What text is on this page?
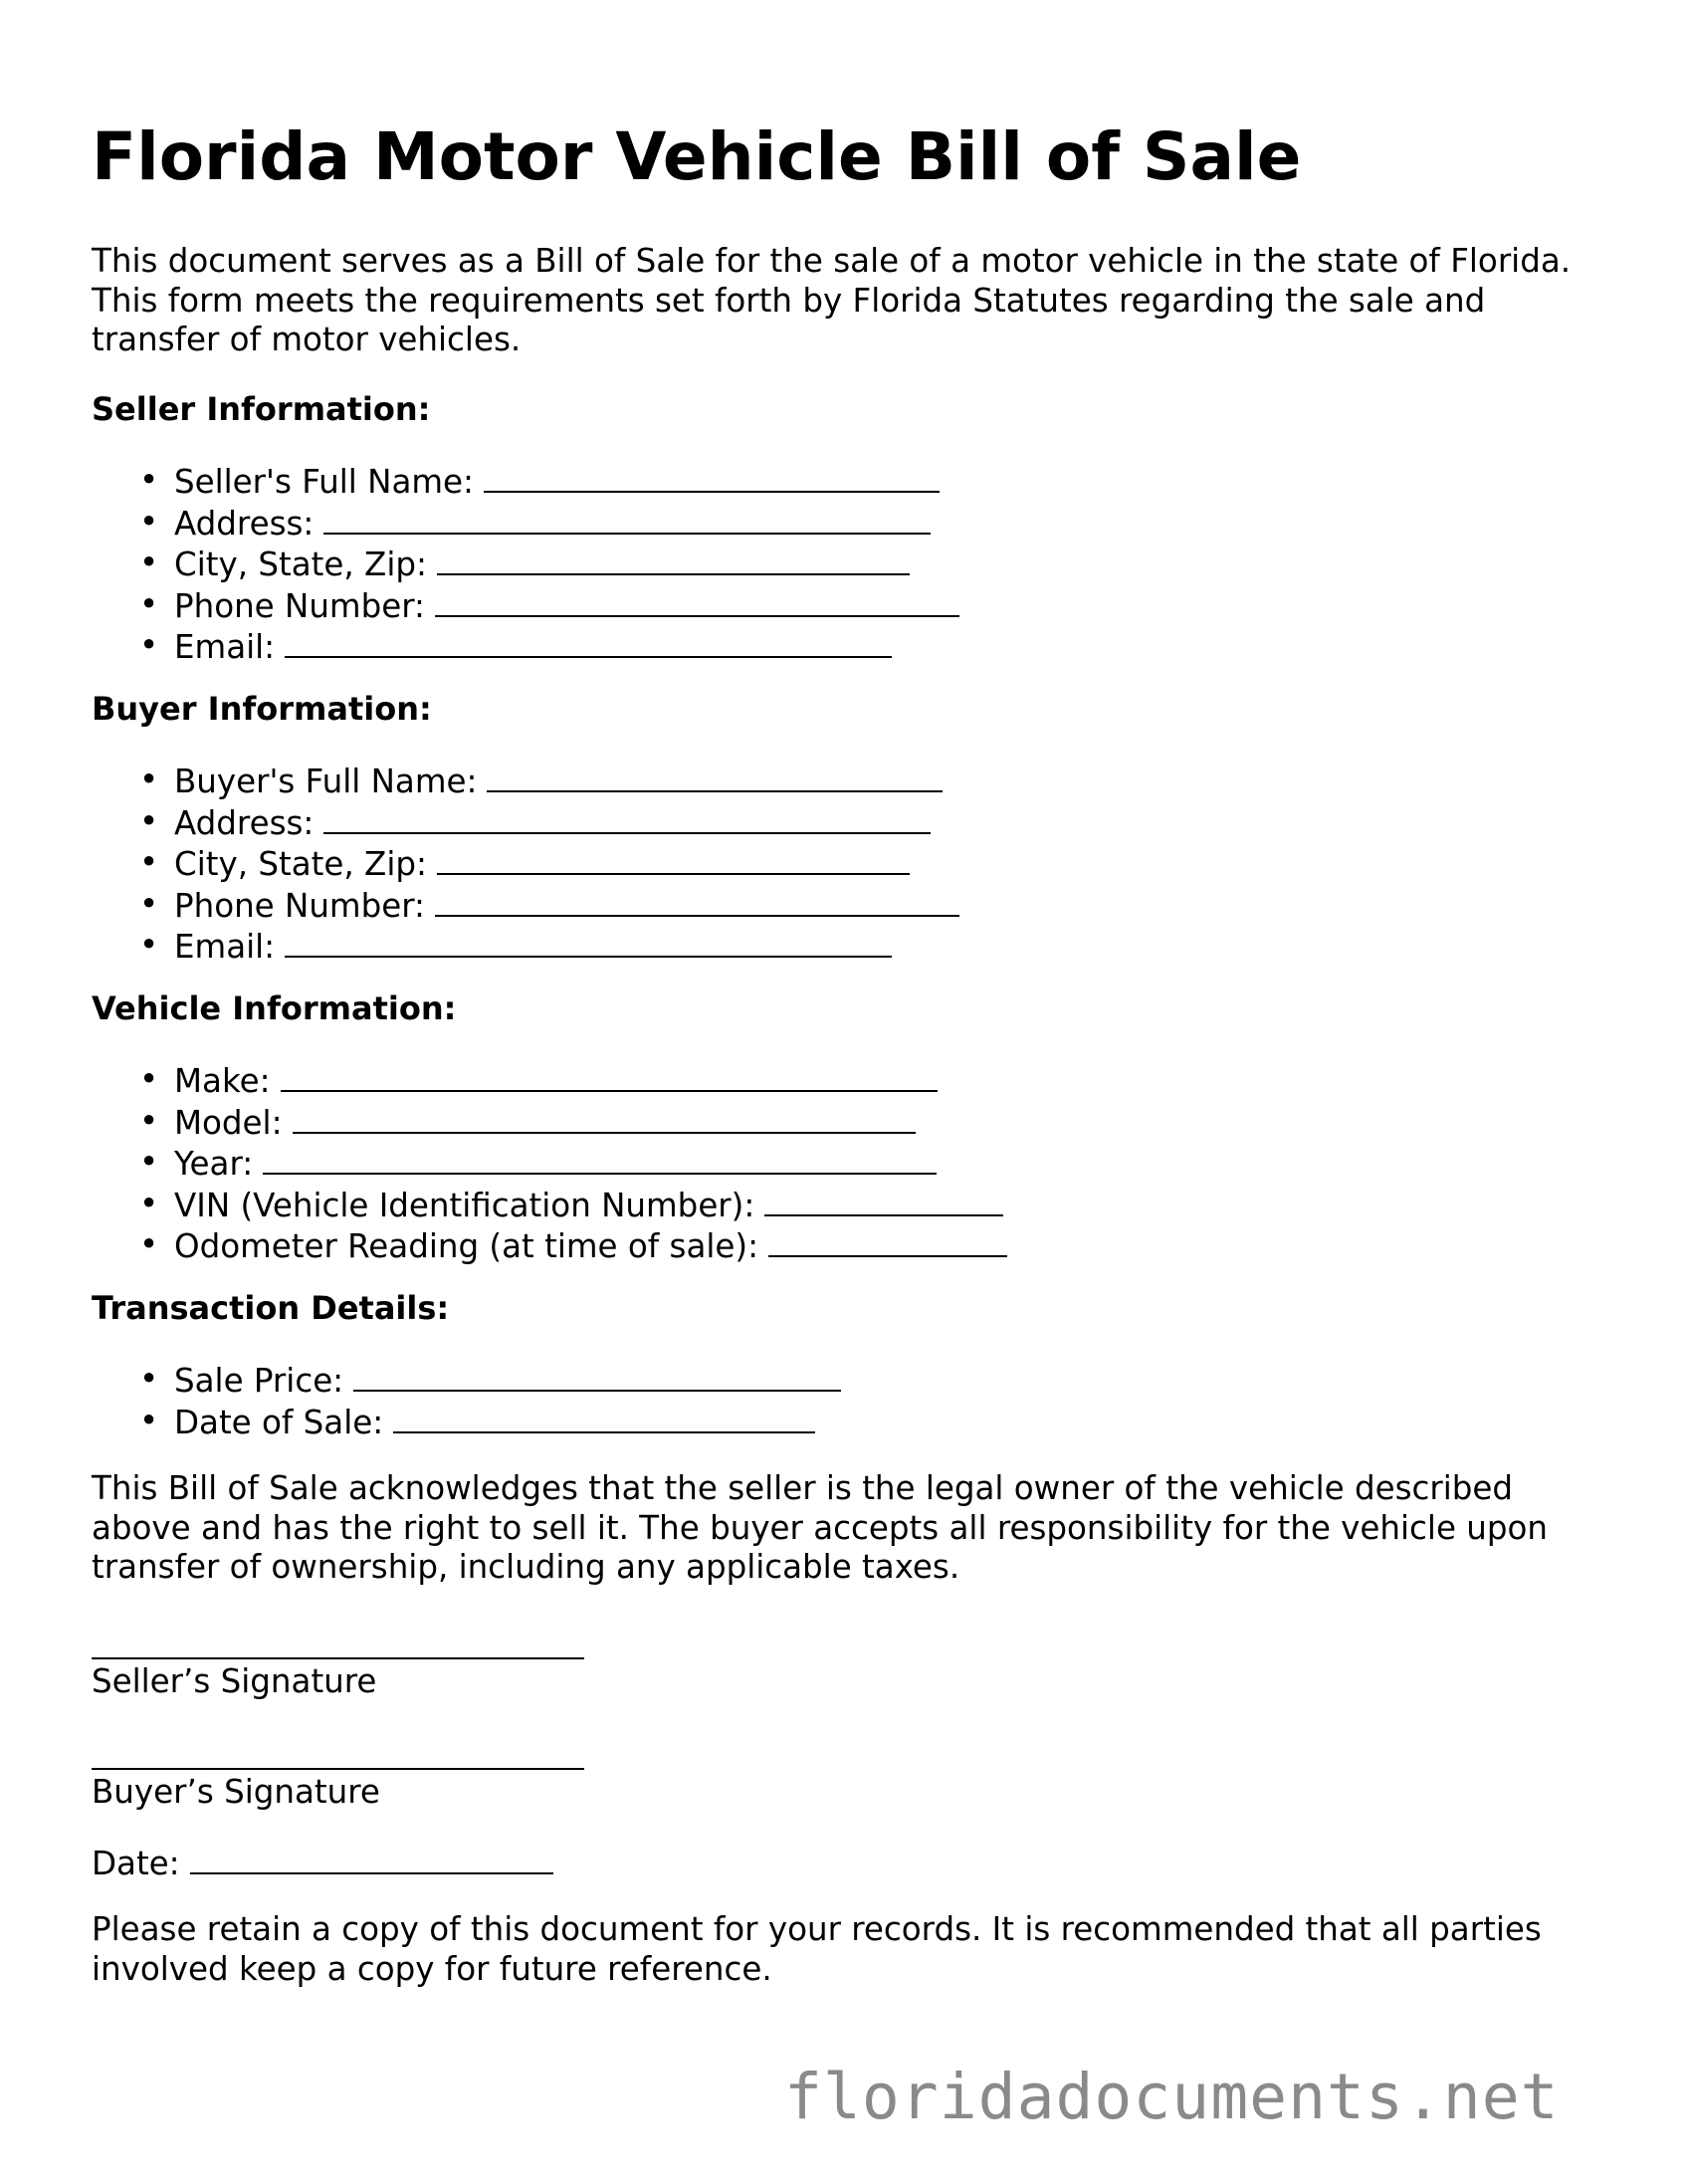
Florida Motor Vehicle Bill of Sale

This document serves as a Bill of Sale for the sale of a motor vehicle in the state of Florida. This form meets the requirements set forth by Florida Statutes regarding the sale and transfer of motor vehicles.

Seller Information:
• Seller's Full Name:
• Address:
• City, State, Zip:
• Phone Number:
• Email:
Buyer Information:
• Buyer's Full Name:
• Address:
• City, State, Zip:
• Phone Number:
• Email:
Vehicle Information:
• Make:
• Model:
• Year:
• VIN (Vehicle Identification Number):
• Odometer Reading (at time of sale):
Transaction Details:
• Sale Price:
• Date of Sale:

This Bill of Sale acknowledges that the seller is the legal owner of the vehicle described above and has the right to sell it. The buyer accepts all responsibility for the vehicle upon transfer of ownership, including any applicable taxes.

Seller’s Signature
Buyer’s Signature
Date:

Please retain a copy of this document for your records. It is recommended that all parties involved keep a copy for future reference.

floridadocuments.net
